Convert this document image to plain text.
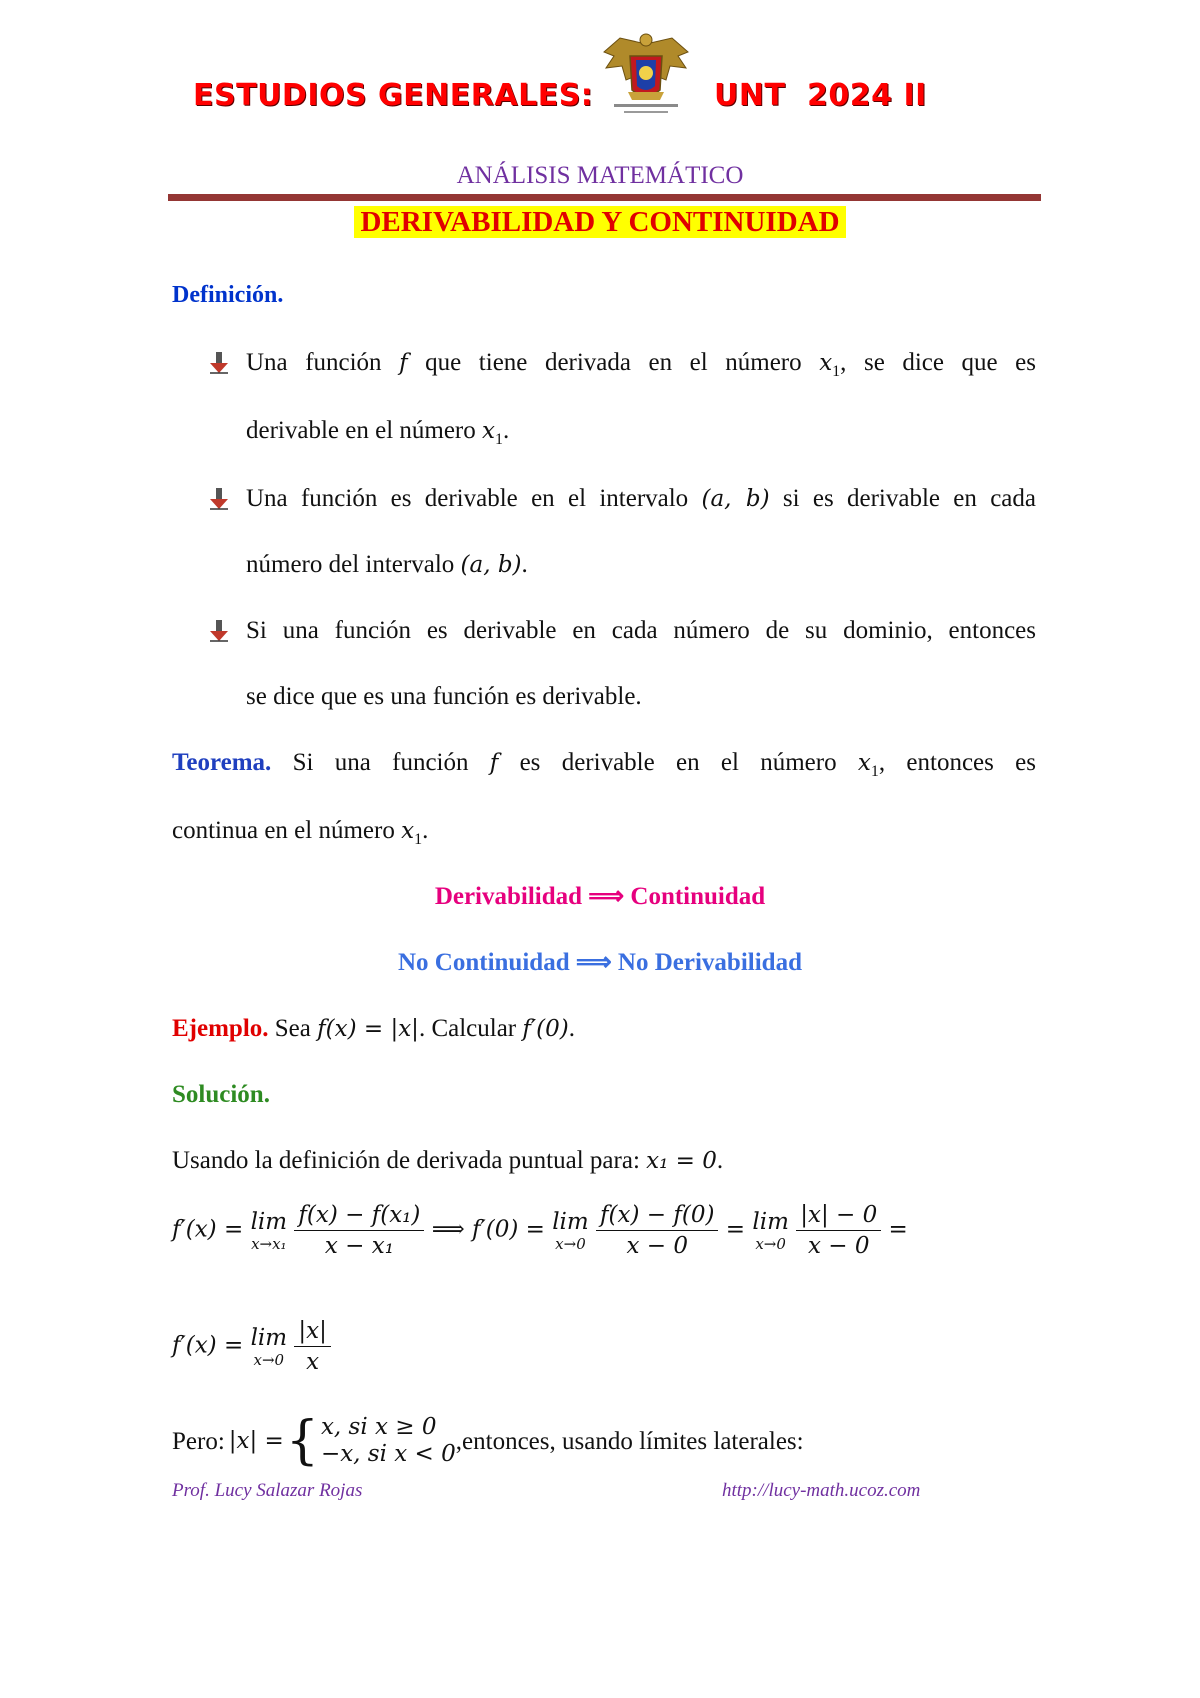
ESTUDIOS GENERALES:	UNT 2024 II
ANÁLISIS MATEMÁTICO
DERIVABILIDAD Y CONTINUIDAD
Definición.
Una función f que tiene derivada en el número $x_1$, se dice que es
derivable en el número $x_1$.
Una función es derivable en el intervalo (a, b) si es derivable en cada
número del intervalo (a, b).
Si una función es derivable en cada número de su dominio, entonces
se dice que es una función es derivable.
Teorema. Si una función f es derivable en el número $x_1$, entonces es
continua en el número $x_1$.
Derivabilidad ⟹ Continuidad
No Continuidad ⟹ No Derivabilidad
Ejemplo. Sea f(x) = |x|. Calcular f′(0).
Solución.
Usando la definición de derivada puntual para: x₁ = 0.
f′(x) = lim
x→x₁
$\frac{\text{f(x) − f(x₁)}}{\text{x − x₁}}$ ⟹ f′(0) = lim
x→0
$\frac{f(x) - f(0)}{x - 0} = \lim$
x→0
$\frac{|x| - 0}{x - 0}$ =
f′(x) = lim
x→0
$\frac{|x|}{x}$
Pero: |x| = { x, si x ≥ 0
−x, si x < 0 , entonces, usando límites laterales:
Prof. Lucy Salazar Rojas	http://lucy-math.ucoz.com
